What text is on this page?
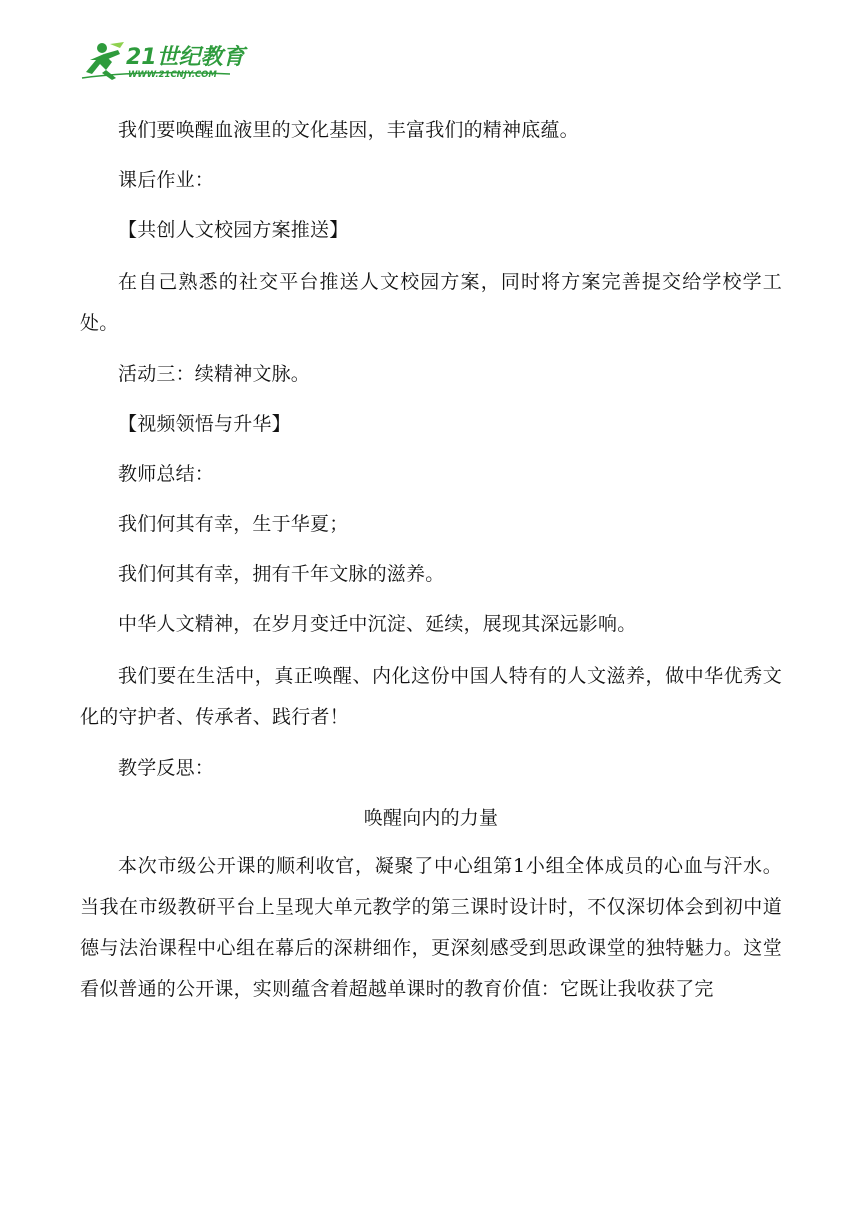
21世纪教育
WWW.21CNJY.COM

我们要唤醒血液里的文化基因，丰富我们的精神底蕴。

课后作业：

【共创人文校园方案推送】

在自己熟悉的社交平台推送人文校园方案，同时将方案完善提交给学校学工处。

活动三：续精神文脉。

【视频领悟与升华】

教师总结：

我们何其有幸，生于华夏；

我们何其有幸，拥有千年文脉的滋养。

中华人文精神，在岁月变迁中沉淀、延续，展现其深远影响。

我们要在生活中，真正唤醒、内化这份中国人特有的人文滋养，做中华优秀文化的守护者、传承者、践行者！

教学反思：

唤醒向内的力量

本次市级公开课的顺利收官，凝聚了中心组第1小组全体成员的心血与汗水。当我在市级教研平台上呈现大单元教学的第三课时设计时，不仅深切体会到初中道德与法治课程中心组在幕后的深耕细作，更深刻感受到思政课堂的独特魅力。这堂看似普通的公开课，实则蕴含着超越单课时的教育价值：它既让我收获了完
